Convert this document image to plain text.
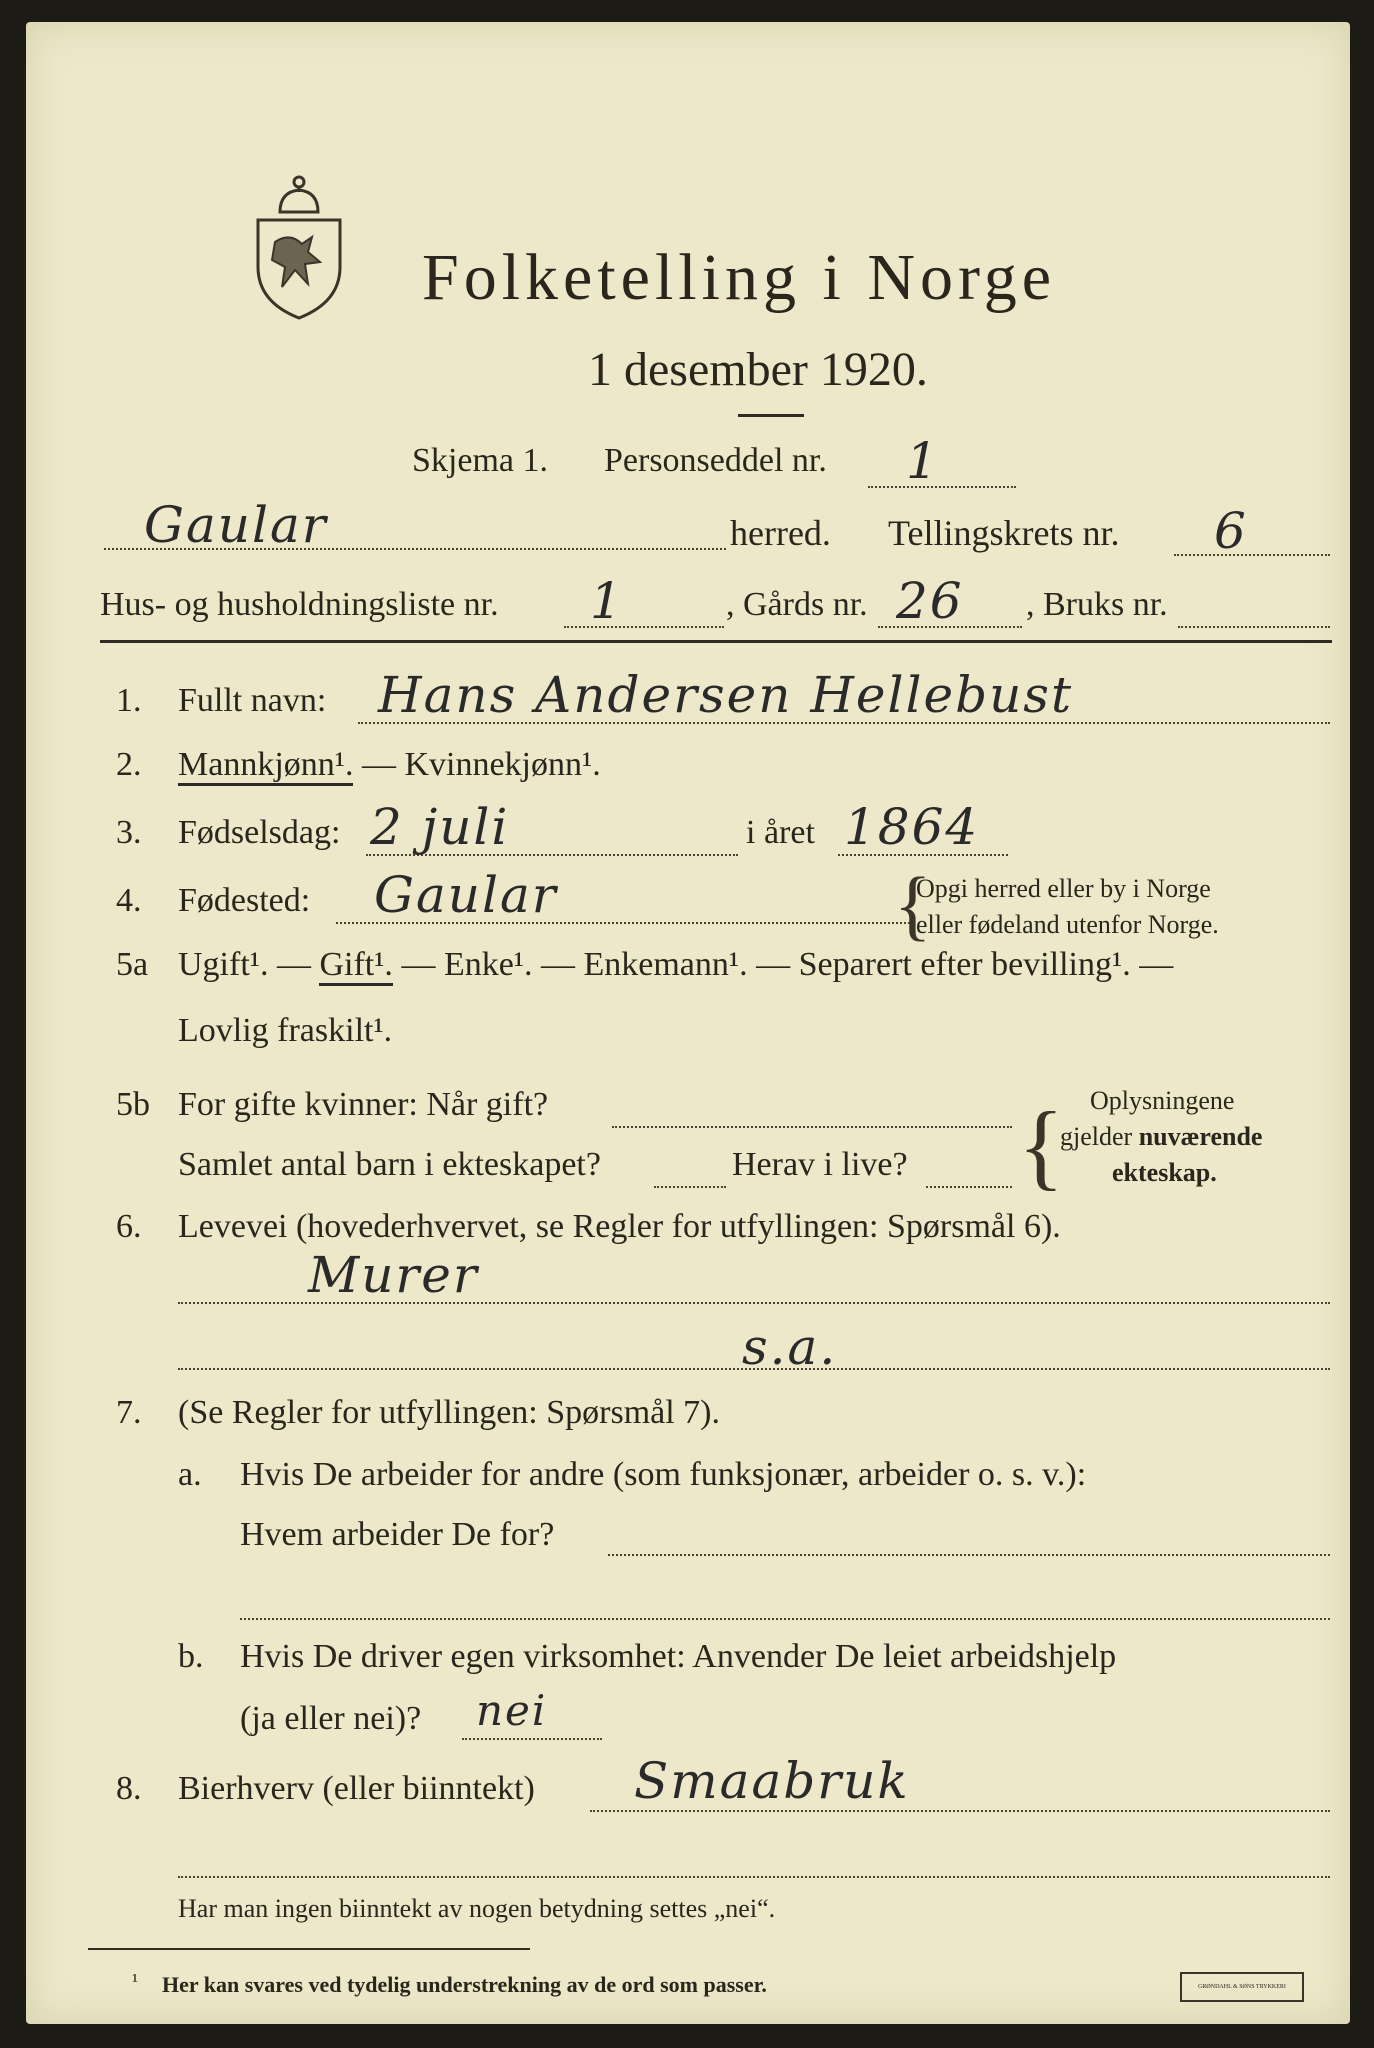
Folketelling i Norge
1 desember 1920.
Skjema 1. Personseddel nr. 1
Gaular	herred. Tellingskrets nr. 6
Hus- og husholdningsliste nr. 1	, Gårds nr. 26 , Bruks nr.
1. Fullt navn: Hans Andersen Hellebust
2. Mannkjønn¹. — Kvinnekjønn¹.
3. Fødselsdag: 2 juli	i året 1864
4. Fødested: Gaular	{
Opgi herred eller by i Norge
eller fødeland utenfor Norge.
5a Ugift¹. — Gift¹. — Enke¹. — Enkemann¹. — Separert efter bevilling¹. —
Lovlig fraskilt¹.
5b For gifte kvinner: Når gift?
Samlet antal barn i ekteskapet?	Herav i live? { Oplysningene
gjelder nuværende
ekteskap.
6. Levevei (hovederhvervet, se Regler for utfyllingen: Spørsmål 6).
Murer
s.a.
7. (Se Regler for utfyllingen: Spørsmål 7).
a. Hvis De arbeider for andre (som funksjonær, arbeider o. s. v.):
Hvem arbeider De for?
b. Hvis De driver egen virksomhet: Anvender De leiet arbeidshjelp
(ja eller nei)? nei
8. Bierhverv (eller biinntekt) Smaabruk
Har man ingen biinntekt av nogen betydning settes „nei“.
¹ Her kan svares ved tydelig understrekning av de ord som passer.	GRØNDAHL & SØNS TRYKKERI
